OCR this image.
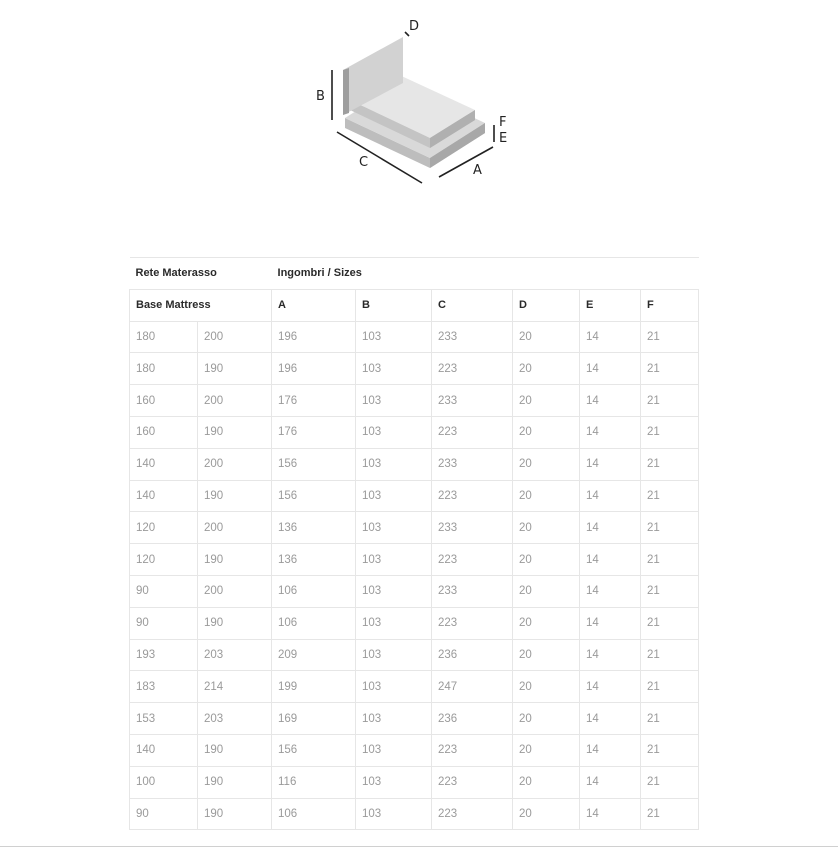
B
C
A
D
F
E
Rete Materasso		Ingombri / Sizes					
Base Mattress		A	B	C	D	E	F
180	200	196	103	233	20	14	21
180	190	196	103	223	20	14	21
160	200	176	103	233	20	14	21
160	190	176	103	223	20	14	21
140	200	156	103	233	20	14	21
140	190	156	103	223	20	14	21
120	200	136	103	233	20	14	21
120	190	136	103	223	20	14	21
90	200	106	103	233	20	14	21
90	190	106	103	223	20	14	21
193	203	209	103	236	20	14	21
183	214	199	103	247	20	14	21
153	203	169	103	236	20	14	21
140	190	156	103	223	20	14	21
100	190	116	103	223	20	14	21
90	190	106	103	223	20	14	21
